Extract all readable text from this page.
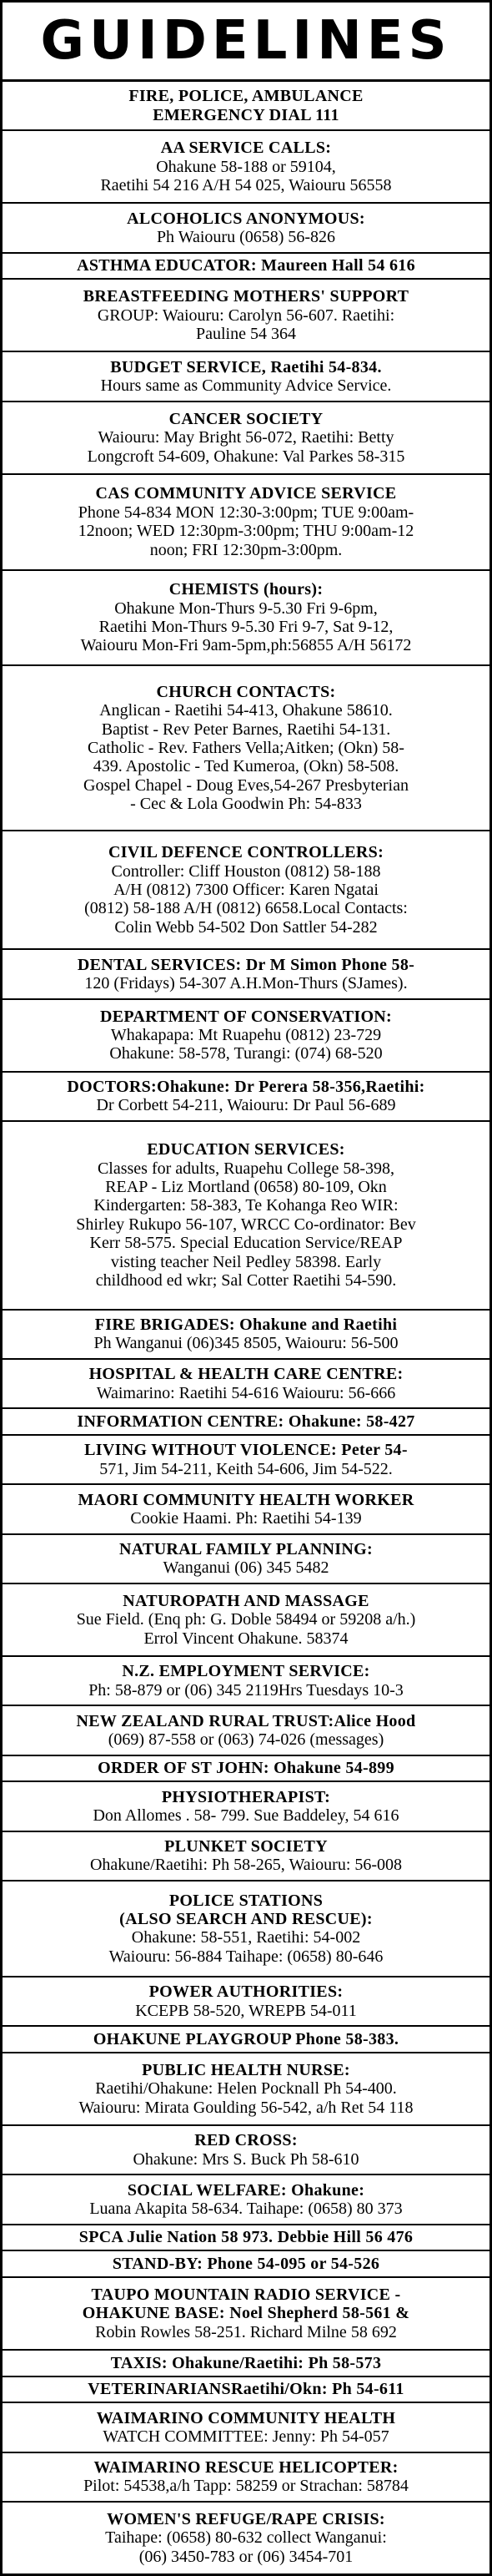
GUIDELINES
FIRE, POLICE, AMBULANCE
EMERGENCY DIAL 111
AA SERVICE CALLS:
Ohakune 58-188 or 59104,
Raetihi 54 216 A/H 54 025, Waiouru 56558
ALCOHOLICS ANONYMOUS:
Ph Waiouru (0658) 56-826
ASTHMA EDUCATOR: Maureen Hall 54 616
BREASTFEEDING MOTHERS' SUPPORT
GROUP: Waiouru: Carolyn 56-607. Raetihi:
Pauline 54 364
BUDGET SERVICE, Raetihi 54-834.
Hours same as Community Advice Service.
CANCER SOCIETY
Waiouru: May Bright 56-072, Raetihi: Betty
Longcroft 54-609, Ohakune: Val Parkes 58-315
CAS COMMUNITY ADVICE SERVICE
Phone 54-834 MON 12:30-3:00pm; TUE 9:00am-
12noon; WED 12:30pm-3:00pm; THU 9:00am-12
noon; FRI 12:30pm-3:00pm.
CHEMISTS (hours):
Ohakune Mon-Thurs 9-5.30 Fri 9-6pm,
Raetihi Mon-Thurs 9-5.30 Fri 9-7, Sat 9-12,
Waiouru Mon-Fri 9am-5pm,ph:56855 A/H 56172
CHURCH CONTACTS:
Anglican - Raetihi 54-413, Ohakune 58610.
Baptist - Rev Peter Barnes, Raetihi 54-131.
Catholic - Rev. Fathers Vella;Aitken; (Okn) 58-
439. Apostolic - Ted Kumeroa, (Okn) 58-508.
Gospel Chapel - Doug Eves,54-267 Presbyterian
- Cec & Lola Goodwin Ph: 54-833
CIVIL DEFENCE CONTROLLERS:
Controller: Cliff Houston (0812) 58-188
A/H (0812) 7300 Officer: Karen Ngatai
(0812) 58-188 A/H (0812) 6658.Local Contacts:
Colin Webb 54-502 Don Sattler 54-282
DENTAL SERVICES: Dr M Simon Phone 58-
120 (Fridays) 54-307 A.H.Mon-Thurs (SJames).
DEPARTMENT OF CONSERVATION:
Whakapapa: Mt Ruapehu (0812) 23-729
Ohakune: 58-578, Turangi: (074) 68-520
DOCTORS:Ohakune: Dr Perera 58-356,Raetihi:
Dr Corbett 54-211, Waiouru: Dr Paul 56-689
EDUCATION SERVICES:
Classes for adults, Ruapehu College 58-398,
REAP - Liz Mortland (0658) 80-109, Okn
Kindergarten: 58-383, Te Kohanga Reo WIR:
Shirley Rukupo 56-107, WRCC Co-ordinator: Bev
Kerr 58-575. Special Education Service/REAP
visting teacher Neil Pedley 58398. Early
childhood ed wkr; Sal Cotter Raetihi 54-590.
FIRE BRIGADES: Ohakune and Raetihi
Ph Wanganui (06)345 8505, Waiouru: 56-500
HOSPITAL & HEALTH CARE CENTRE:
Waimarino: Raetihi 54-616 Waiouru: 56-666
INFORMATION CENTRE: Ohakune: 58-427
LIVING WITHOUT VIOLENCE: Peter 54-
571, Jim 54-211, Keith 54-606, Jim 54-522.
MAORI COMMUNITY HEALTH WORKER
Cookie Haami. Ph: Raetihi 54-139
NATURAL FAMILY PLANNING:
Wanganui (06) 345 5482
NATUROPATH AND MASSAGE
Sue Field. (Enq ph: G. Doble 58494 or 59208 a/h.)
Errol Vincent Ohakune. 58374
N.Z. EMPLOYMENT SERVICE:
Ph: 58-879 or (06) 345 2119Hrs Tuesdays 10-3
NEW ZEALAND RURAL TRUST:Alice Hood
(069) 87-558 or (063) 74-026 (messages)
ORDER OF ST JOHN: Ohakune 54-899
PHYSIOTHERAPIST:
Don Allomes . 58- 799. Sue Baddeley, 54 616
PLUNKET SOCIETY
Ohakune/Raetihi: Ph 58-265, Waiouru: 56-008
POLICE STATIONS
(ALSO SEARCH AND RESCUE):
Ohakune: 58-551, Raetihi: 54-002
Waiouru: 56-884 Taihape: (0658) 80-646
POWER AUTHORITIES:
KCEPB 58-520, WREPB 54-011
OHAKUNE PLAYGROUP Phone 58-383.
PUBLIC HEALTH NURSE:
Raetihi/Ohakune: Helen Pocknall Ph 54-400.
Waiouru: Mirata Goulding 56-542, a/h Ret 54 118
RED CROSS:
Ohakune: Mrs S. Buck Ph 58-610
SOCIAL WELFARE: Ohakune:
Luana Akapita 58-634. Taihape: (0658) 80 373
SPCA Julie Nation 58 973. Debbie Hill 56 476
STAND-BY: Phone 54-095 or 54-526
TAUPO MOUNTAIN RADIO SERVICE -
OHAKUNE BASE: Noel Shepherd 58-561 &
Robin Rowles 58-251. Richard Milne 58 692
TAXIS: Ohakune/Raetihi: Ph 58-573
VETERINARIANSRaetihi/Okn: Ph 54-611
WAIMARINO COMMUNITY HEALTH
WATCH COMMITTEE: Jenny: Ph 54-057
WAIMARINO RESCUE HELICOPTER:
Pilot: 54538,a/h Tapp: 58259 or Strachan: 58784
WOMEN'S REFUGE/RAPE CRISIS:
Taihape: (0658) 80-632 collect Wanganui:
(06) 3450-783 or (06) 3454-701
